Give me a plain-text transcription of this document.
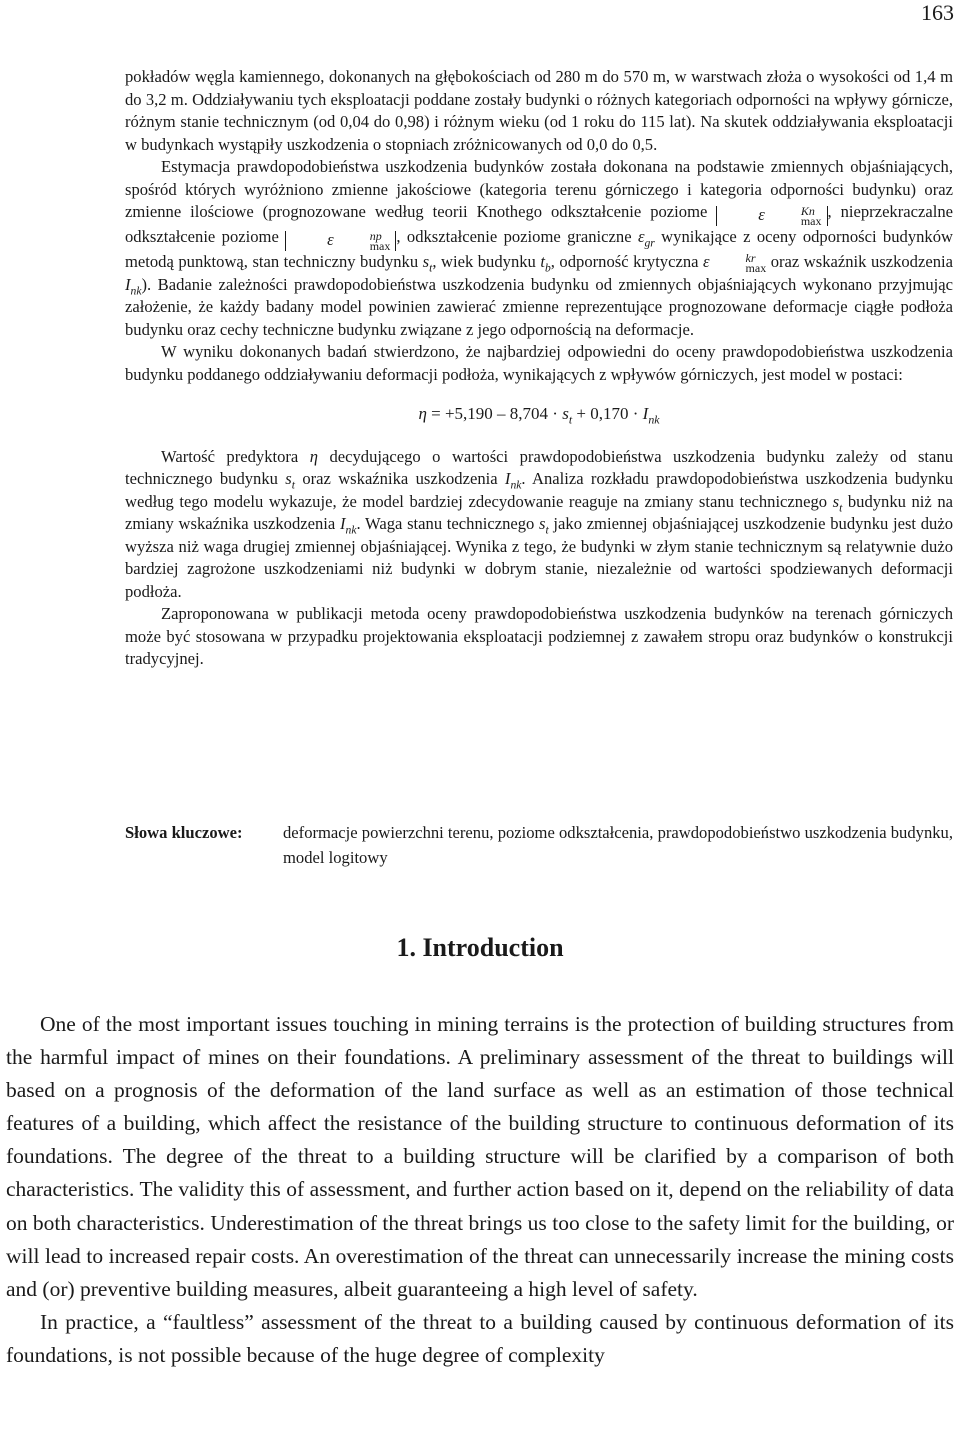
163

pokładów węgla kamiennego, dokonanych na głębokościach od 280 m do 570 m, w warstwach złoża o wysokości od 1,4 m do 3,2 m. Oddziaływaniu tych eksploatacji poddane zostały budynki o różnych kategoriach odporności na wpływy górnicze, różnym stanie technicznym (od 0,04 do 0,98) i różnym wieku (od 1 roku do 115 lat). Na skutek oddziaływania eksploatacji w budynkach wystąpiły uszkodzenia o stopniach zróżnicowanych od 0,0 do 0,5.

Estymacja prawdopodobieństwa uszkodzenia budynków została dokonana na podstawie zmiennych objaśniających, spośród których wyróżniono zmienne jakościowe (kategoria terenu górniczego i kategoria odporności budynku) oraz zmienne ilościowe (prognozowane według teorii Knothego odkształcenie poziome	ε	Kn
max , nieprzekraczalne odkształcenie poziome	ε	np
max , odkształcenie poziome graniczne $\varepsilon_{gr}$ wynikające z oceny odporności budynków metodą punktową, stan techniczny budynku $s_t$, wiek budynku $t_b$, odporność krytyczna ε	kr
max oraz wskaźnik uszkodzenia $I_{nk}$). Badanie zależności prawdopodobieństwa uszkodzenia budynku od zmiennych objaśniających wykonano przyjmując założenie, że każdy badany model powinien zawierać zmienne reprezentujące prognozowane deformacje ciągłe podłoża budynku oraz cechy techniczne budynku związane z jego odpornością na deformacje.

W wyniku dokonanych badań stwierdzono, że najbardziej odpowiedni do oceny prawdopodobieństwa uszkodzenia budynku poddanego oddziaływaniu deformacji podłoża, wynikających z wpływów górniczych, jest model w postaci:

$\eta = +5,190 - 8,704 \cdot s_t + 0,170 \cdot I_{nk}$

Wartość predyktora η decydującego o wartości prawdopodobieństwa uszkodzenia budynku zależy od stanu technicznego budynku $s_t$ oraz wskaźnika uszkodzenia $I_{nk}$. Analiza rozkładu prawdopodobieństwa uszkodzenia budynku według tego modelu wykazuje, że model bardziej zdecydowanie reaguje na zmiany stanu technicznego $s_t$ budynku niż na zmiany wskaźnika uszkodzenia $I_{nk}$. Waga stanu technicznego $s_t$ jako zmiennej objaśniającej uszkodzenie budynku jest dużo wyższa niż waga drugiej zmiennej objaśniającej. Wynika z tego, że budynki w złym stanie technicznym są relatywnie dużo bardziej zagrożone uszkodzeniami niż budynki w dobrym stanie, niezależnie od wartości spodziewanych deformacji podłoża.

Zaproponowana w publikacji metoda oceny prawdopodobieństwa uszkodzenia budynków na terenach górniczych może być stosowana w przypadku projektowania eksploatacji podziemnej z zawałem stropu oraz budynków o konstrukcji tradycyjnej.

Słowa kluczowe:	deformacje powierzchni terenu, poziome odkształcenia, prawdopodobieństwo uszkodzenia budynku, model logitowy
1. Introduction

One of the most important issues touching in mining terrains is the protection of building structures from the harmful impact of mines on their foundations. A preliminary assessment of the threat to buildings will based on a prognosis of the deformation of the land surface as well as an estimation of those technical features of a building, which affect the resistance of the building structure to continuous deformation of its foundations. The degree of the threat to a building structure will be clarified by a comparison of both characteristics. The validity this of assessment, and further action based on it, depend on the reliability of data on both characteristics. Underestimation of the threat brings us too close to the safety limit for the building, or will lead to increased repair costs. An overestimation of the threat can unnecessarily increase the mining costs and (or) preventive building measures, albeit guaranteeing a high level of safety.

In practice, a “faultless” assessment of the threat to a building caused by continuous deformation of its foundations, is not possible because of the huge degree of complexity
